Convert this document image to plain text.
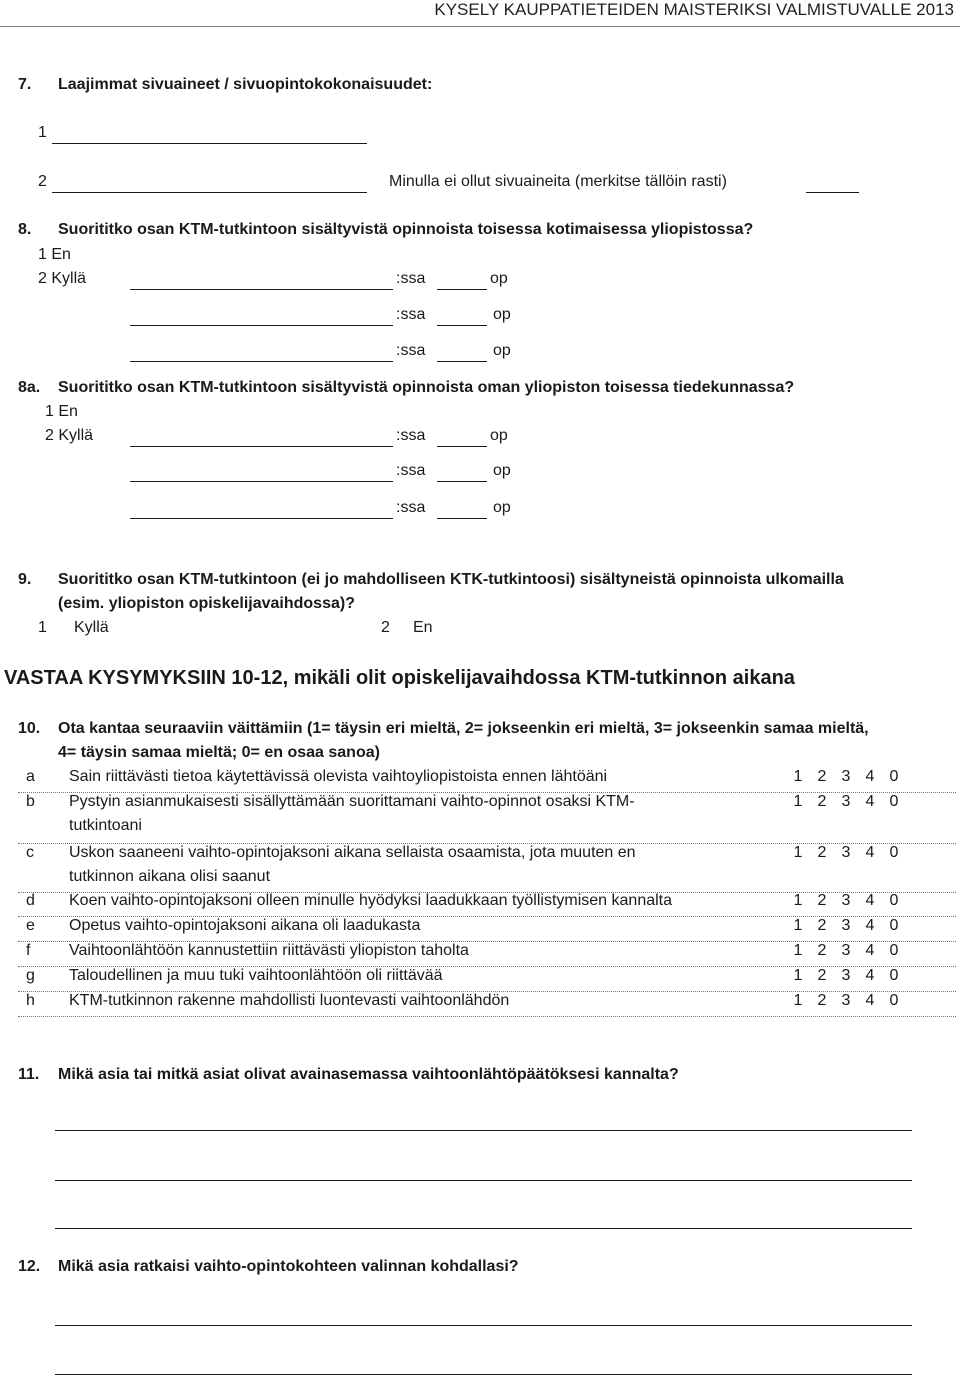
KYSELY KAUPPATIETEIDEN MAISTERIKSI VALMISTUVALLE 2013
7. Laajimmat sivuaineet / sivuopintokokonaisuudet:
1
2	Minulla ei ollut sivuaineita (merkitse tällöin rasti)
8. Suorititko osan KTM-tutkintoon sisältyvistä opinnoista toisessa kotimaisessa yliopistossa?
1 En
2 Kyllä	:ssa	op
:ssa	op
:ssa	op
8a. Suorititko osan KTM-tutkintoon sisältyvistä opinnoista oman yliopiston toisessa tiedekunnassa?
1 En
2 Kyllä	:ssa	op
:ssa	op
:ssa	op
9. Suorititko osan KTM-tutkintoon (ei jo mahdolliseen KTK-tutkintoosi) sisältyneistä opinnoista ulkomailla
(esim. yliopiston opiskelijavaihdossa)?
1 Kyllä	2 En
VASTAA KYSYMYKSIIN 10-12, mikäli olit opiskelijavaihdossa KTM-tutkinnon aikana
10. Ota kantaa seuraaviin väittämiin (1= täysin eri mieltä, 2= jokseenkin eri mieltä, 3= jokseenkin samaa mieltä,
4= täysin samaa mieltä; 0= en osaa sanoa)
a Sain riittävästi tietoa käytettävissä olevista vaihtoyliopistoista ennen lähtöäni	1 2 3 4 0
b Pystyin asianmukaisesti sisällyttämään suorittamani vaihto-opinnot osaksi KTM-
tutkintoani
1 2 3 4 0
c Uskon saaneeni vaihto-opintojaksoni aikana sellaista osaamista, jota muuten en
tutkinnon aikana olisi saanut
1 2 3 4 0
d Koen vaihto-opintojaksoni olleen minulle hyödyksi laadukkaan työllistymisen kannalta	1 2 3 4 0
e Opetus vaihto-opintojaksoni aikana oli laadukasta	1 2 3 4 0
f Vaihtoonlähtöön kannustettiin riittävästi yliopiston taholta	1 2 3 4 0
g Taloudellinen ja muu tuki vaihtoonlähtöön oli riittävää	1 2 3 4 0
h KTM-tutkinnon rakenne mahdollisti luontevasti vaihtoonlähdön	1 2 3 4 0
11. Mikä asia tai mitkä asiat olivat avainasemassa vaihtoonlähtöpäätöksesi kannalta?
12. Mikä asia ratkaisi vaihto-opintokohteen valinnan kohdallasi?
